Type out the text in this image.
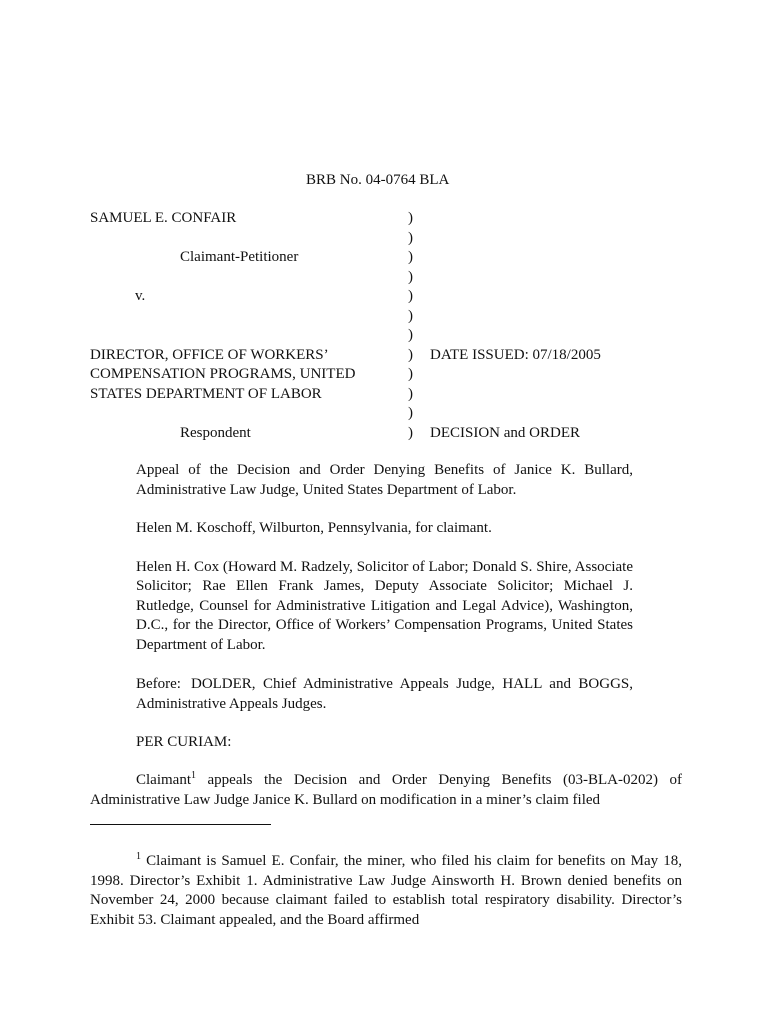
BRB No. 04-0764 BLA
SAMUEL E. CONFAIR	)
)
Claimant-Petitioner	)
)
v.	)
)
)
DIRECTOR, OFFICE OF WORKERS’	) DATE ISSUED: 07/18/2005
COMPENSATION PROGRAMS, UNITED	)
STATES DEPARTMENT OF LABOR	)
)
Respondent	) DECISION and ORDER
Appeal of the Decision and Order Denying Benefits of Janice K. Bullard, Administrative Law Judge, United States Department of Labor.
Helen M. Koschoff, Wilburton, Pennsylvania, for claimant.
Helen H. Cox (Howard M. Radzely, Solicitor of Labor; Donald S. Shire, Associate Solicitor; Rae Ellen Frank James, Deputy Associate Solicitor; Michael J. Rutledge, Counsel for Administrative Litigation and Legal Advice), Washington, D.C., for the Director, Office of Workers’ Compensation Programs, United States Department of Labor.
Before: DOLDER, Chief Administrative Appeals Judge, HALL and BOGGS, Administrative Appeals Judges.
PER CURIAM:
Claimant$^1$ appeals the Decision and Order Denying Benefits (03-BLA-0202) of Administrative Law Judge Janice K. Bullard on modification in a miner’s claim filed
$^1$ Claimant is Samuel E. Confair, the miner, who filed his claim for benefits on May 18, 1998. Director’s Exhibit 1. Administrative Law Judge Ainsworth H. Brown denied benefits on November 24, 2000 because claimant failed to establish total respiratory disability. Director’s Exhibit 53. Claimant appealed, and the Board affirmed
